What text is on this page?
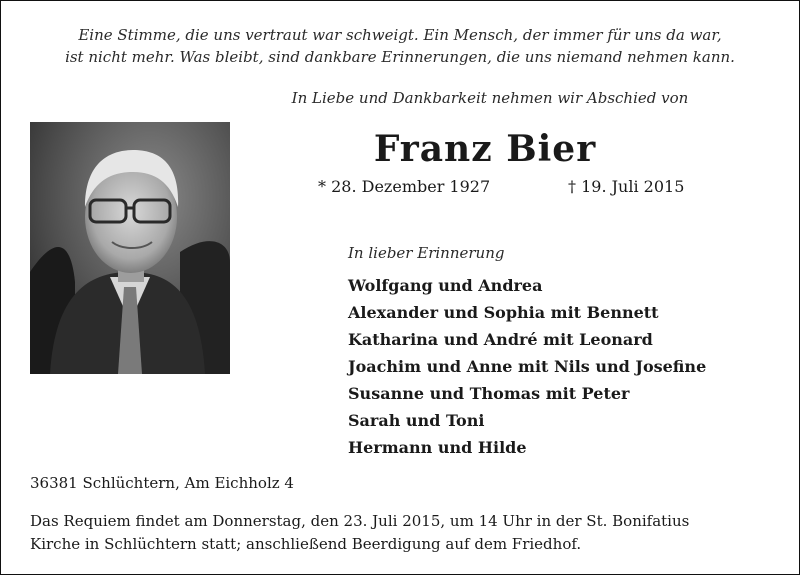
Eine Stimme, die uns vertraut war schweigt. Ein Mensch, der immer für uns da war,
ist nicht mehr. Was bleibt, sind dankbare Erinnerungen, die uns niemand nehmen kann.
In Liebe und Dankbarkeit nehmen wir Abschied von
Franz Bier
* 28. Dezember 1927	† 19. Juli 2015
In lieber Erinnerung
Wolfgang und Andrea
Alexander und Sophia mit Bennett
Katharina und André mit Leonard
Joachim und Anne mit Nils und Josefine
Susanne und Thomas mit Peter
Sarah und Toni
Hermann und Hilde
36381 Schlüchtern, Am Eichholz 4
Das Requiem findet am Donnerstag, den 23. Juli 2015, um 14 Uhr in der St. Bonifatius
Kirche in Schlüchtern statt; anschließend Beerdigung auf dem Friedhof.
